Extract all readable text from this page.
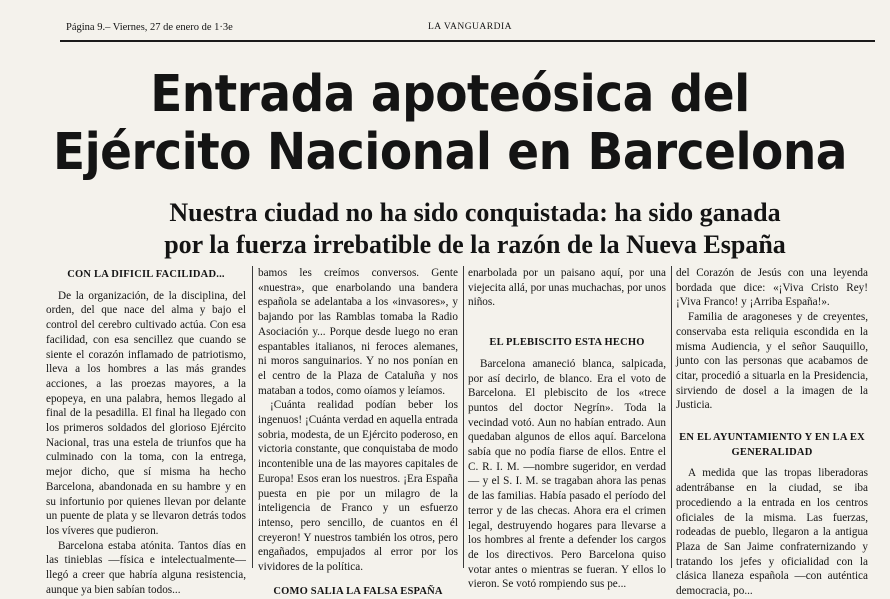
Página 9.– Viernes, 27 de enero de 1·3e	LA VANGUARDIA
Entrada apoteósica del
Ejército Nacional en Barcelona
Nuestra ciudad no ha sido conquistada: ha sido ganada
por la fuerza irrebatible de la razón de la Nueva España
CON LA DIFICIL FACILIDAD...

De la organización, de la disciplina, del orden, del que nace del alma y bajo el control del cerebro cultivado actúa. Con esa facilidad, con esa sencillez que cuando se siente el corazón inflamado de patriotismo, lleva a los hombres a las más grandes acciones, a las proezas mayores, a la epopeya, en una palabra, hemos llegado al final de la pesadilla. El final ha llegado con los primeros soldados del glorioso Ejército Nacional, tras una estela de triunfos que ha culminado con la toma, con la entrega, mejor dicho, que sí misma ha hecho Barcelona, abandonada en su hambre y en su infortunio por quienes llevan por delante un puente de plata y se llevaron detrás todos los víveres que pudieron.

Barcelona estaba atónita. Tantos días en las tinieblas —física e intelectualmente— llegó a creer que habría alguna resistencia, aunque ya bien sabían todos...

bamos les creímos conversos. Gente «nuestra», que enarbolando una bandera española se adelantaba a los «invasores», y bajando por las Ramblas tomaba la Radio Asociación y... Porque desde luego no eran espantables italianos, ni feroces alemanes, ni moros sanguinarios. Y no nos ponían en el centro de la Plaza de Cataluña y nos mataban a todos, como oíamos y leíamos.

¡Cuánta realidad podían beber los ingenuos! ¡Cuánta verdad en aquella entrada sobria, modesta, de un Ejército poderoso, en victoria constante, que conquistaba de modo incontenible una de las mayores capitales de Europa! Esos eran los nuestros. ¡Era España puesta en pie por un milagro de la inteligencia de Franco y un esfuerzo intenso, pero sencillo, de cuantos en él creyeron! Y nuestros también los otros, pero engañados, empujados al error por los vividores de la política.

COMO SALIA LA FALSA ESPAÑA

enarbolada por un paisano aquí, por una viejecita allá, por unas muchachas, por unos niños.

EL PLEBISCITO ESTA HECHO

Barcelona amaneció blanca, salpicada, por así decirlo, de blanco. Era el voto de Barcelona. El plebiscito de los «trece puntos del doctor Negrín». Toda la vecindad votó. Aun no habían entrado. Aun quedaban algunos de ellos aquí. Barcelona sabía que no podía fiarse de ellos. Entre el C. R. I. M. —nombre sugeridor, en verdad— y el S. I. M. se tragaban ahora las penas de las familias. Había pasado el período del terror y de las checas. Ahora era el crimen legal, destruyendo hogares para llevarse a los hombres al frente a defender los cargos de los directivos. Pero Barcelona quiso votar antes o mientras se fueran. Y ellos lo vieron. Se votó rompiendo sus pe...

del Corazón de Jesús con una leyenda bordada que dice: «¡Viva Cristo Rey! ¡Viva Franco! y ¡Arriba España!».

Familia de aragoneses y de creyentes, conservaba esta reliquia escondida en la misma Audiencia, y el señor Sauquillo, junto con las personas que acabamos de citar, procedió a situarla en la Presidencia, sirviendo de dosel a la imagen de la Justicia.

EN EL AYUNTAMIENTO Y EN LA EX GENERALIDAD

A medida que las tropas liberadoras adentrábanse en la ciudad, se iba procediendo a la entrada en los centros oficiales de la misma. Las fuerzas, rodeadas de pueblo, llegaron a la antigua Plaza de San Jaime confraternizando y tratando los jefes y oficialidad con la clásica llaneza española —con auténtica democracia, po...
